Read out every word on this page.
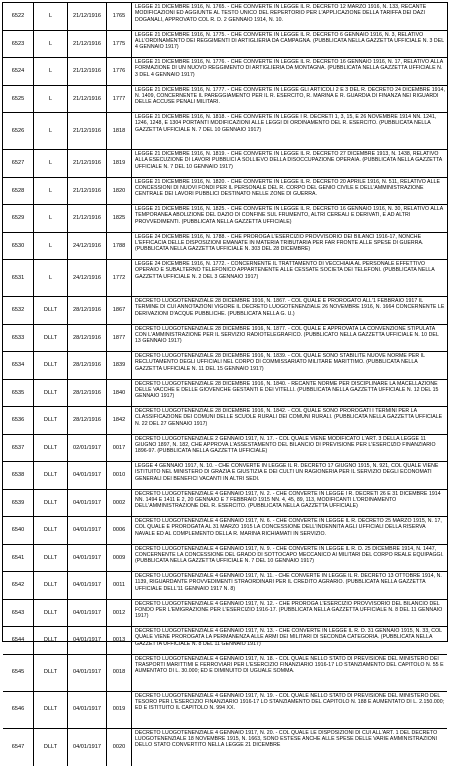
6522	L	21/12/1916	1765
LEGGE 21 DICEMBRE 1916, N. 1765. - CHE CONVERTE IN LEGGE IL R. DECRETO 12 MARZO 1916, N. 133, RECANTE MODIFICAZIONI ED AGGIUNTE AL TESTO UNICO DEL REPERTORIO PER L'APPLICAZIONE DELLA TARIFFA DEI DAZI DOGANALI, APPROVATO COL R. D. 2 GENNAIO 1914, N. 10.
6523	L	21/12/1916	1775
LEGGE 21 DICEMBRE 1916, N. 1775. - CHE CONVERTE IN LEGGE IL R. DECRETO 6 GENNAIO 1916, N. 3, RELATIVO ALL'ORDINAMENTO DEI REGGIMENTI DI ARTIGLIERIA DA CAMPAGNA. (PUBBLICATA NELLA GAZZETTA UFFICIALE N. 3 DEL 4 GENNAIO 1917)
6524	L	21/12/1916	1776
LEGGE 21 DICEMBRE 1916, N. 1776. - CHE CONVERTE IN LEGGE IL R. DECRETO 16 GENNAIO 1916, N. 17, RELATIVO ALLA FORMAZIONE DI UN NUOVO REGGIMENTO DI ARTIGLIERIA DA MONTAGNA. (PUBBLICATA NELLA GAZZETTA UFFICIALE N. 3 DEL 4 GENNAIO 1917)
6525	L	21/12/1916	1777
LEGGE 21 DICEMBRE 1916, N. 1777. - CHE CONVERTE IN LEGGE GLI ARTICOLI 2 E 3 DEL R. DECRETO 24 DICEMBRE 1914, N. 1409, CONCERNENTE IL PAREGGIAMENTO PER IL R. ESERCITO, R. MARINA E R. GUARDIA DI FINANZA NEI RIGUARDI DELLE ACCUSE PENALI MILITARI.
6526	L	21/12/1916	1818
LEGGE 21 DICEMBRE 1916, N. 1818. - CHE CONVERTE IN LEGGE I R. DECRETI 1, 3, 15, E 26 NOVEMBRE 1914 NN. 1241, 1246, 1248, E 1304 PORTANTI MODIFICAZIONI ALLE LEGGI DI ORDINAMENTO DEL R. ESERCITO. (PUBBLICATA NELLA GAZZETTA UFFICIALE N. 7 DEL 10 GENNAIO 1917)
6527	L	21/12/1916	1819
LEGGE 21 DICEMBRE 1916, N. 1819. - CHE CONVERTE IN LEGGE IL R. DECRETO 27 DICEMBRE 1913, N. 1438, RELATIVO ALLA ESECUZIONE DI LAVORI PUBBLICI A SOLLIEVO DELLA DISOCCUPAZIONE OPERAIA. (PUBBLICATA NELLA GAZZETTA UFFICIALE N. 7 DEL 10 GENNAIO 1917)
6528	L	21/12/1916	1820
LEGGE 21 DICEMBRE 1916, N. 1820. - CHE CONVERTE IN LEGGE IL R. DECRETO 20 APRILE 1916, N. 511, RELATIVO ALLE CONCESSIONI DI NUOVI FONDI PER IL PERSONALE DEL R. CORPO DEL GENIO CIVILE E DELL'AMMINISTRAZIONE CENTRALE DEI LAVORI PUBBLICI DESTINATO NELLE ZONE DI GUERRA.
6529	L	21/12/1916	1825
LEGGE 21 DICEMBRE 1916, N. 1825. - CHE CONVERTE IN LEGGE IL R. DECRETO 16 GENNAIO 1916, N. 30, RELATIVO ALLA TEMPORANEA ABOLIZIONE DEL DAZIO DI CONFINE SUL FRUMENTO, ALTRI CEREALI E DERIVATI, E AD ALTRI PROVVEDIMENTI. (PUBBLICATA NELLA GAZZETTA UFFICIALE)
6530	L	24/12/1916	1788
LEGGE 24 DICEMBRE 1916, N. 1788. - CHE PROROGA L'ESERCIZIO PROVVISORIO DEI BILANCI 1916-17, NONCHE L'EFFICACIA DELLE DISPOSIZIONI EMANATE IN MATERIA TRIBUTARIA PER FAR FRONTE ALLE SPESE DI GUERRA. (PUBBLICATA NELLA GAZZETTA UFFICIALE N. 303 DEL 28 DICEMBRE)
6531	L	24/12/1916	1772
LEGGE 24 DICEMBRE 1916, N. 1772. - CONCERNENTE IL TRATTAMENTO DI VECCHIAIA AL PERSONALE EFFETTIVO OPERAIO E SUBALTERNO TELEFONICO APPARTENENTE ALLE CESSATE SOCIETA DEI TELEFONI. (PUBBLICATA NELLA GAZZETTA UFFICIALE N. 2 DEL 3 GENNAIO 1917)
6532	DLLT	28/12/1916	1867
DECRETO LUOGOTENENZIALE 28 DICEMBRE 1916, N. 1867. - COL QUALE E PROROGATO ALL'1 FEBBRAIO 1917 IL TERMINE DI CUI ANNOTAZIONI VIGORE IL DECRETO LUOGOTENENZIALE 26 NOVEMBRE 1916, N. 1664 CONCERNENTE LE DERIVAZIONI D'ACQUE PUBBLICHE. (PUBBLICATA NELLA G. U.)
6533	DLLT	28/12/1916	1877
DECRETO LUOGOTENENZIALE 28 DICEMBRE 1916, N. 1877. - COL QUALE E APPROVATA LA CONVENZIONE STIPULATA CON L'AMMINISTRAZIONE PER IL SERVIZIO RADIOTELEGRAFICO. (PUBBLICATO NELLA GAZZETTA UFFICIALE N. 10 DEL 13 GENNAIO 1917)
6534	DLLT	28/12/1916	1839
DECRETO LUOGOTENENZIALE 28 DICEMBRE 1916, N. 1839. - COL QUALE SONO STABILITE NUOVE NORME PER IL RECLUTAMENTO DEGLI UFFICIALI NEL CORPO DI COMMISSARIATO MILITARE MARITTIMO. (PUBBLICATA NELLA GAZZETTA UFFICIALE N. 11 DEL 15 GENNAIO 1917)
6535	DLLT	28/12/1916	1840
DECRETO LUOGOTENENZIALE 28 DICEMBRE 1916, N. 1840. - RECANTE NORME PER DISCIPLINARE LA MACELLAZIONE DELLE VACCHE E DELLE GIOVENCHE GESTANTI E DEI VITELLI. (PUBBLICATA NELLA GAZZETTA UFFICIALE N. 12 DEL 15 GENNAIO 1917)
6536	DLLT	28/12/1916	1842
DECRETO LUOGOTENENZIALE 28 DICEMBRE 1916, N. 1842. - COL QUALE SONO PROROGATI I TERMINI PER LA CLASSIFICAZIONE DEI COMUNI DELLE SCUOLE RURALI DEI COMUNI RURALI. (PUBBLICATA NELLA GAZZETTA UFFICIALE N. 22 DEL 27 GENNAIO 1917)
6537	DLLT	02/01/1917	0017
DECRETO LUOGOTENENZIALE 2 GENNAIO 1917, N. 17. - COL QUALE VIENE MODIFICATO L'ART. 3 DELLA LEGGE 11 GIUGNO 1897, N. 182, CHE APPROVA L'ASSESTAMENTO DEL BILANCIO DI PREVISIONE PER L'ESERCIZIO FINANZIARIO 1896-97. (PUBBLICATA NELLA GAZZETTA UFFICIALE)
6538	DLLT	04/01/1917	0010
LEGGE 4 GENNAIO 1917, N. 10. - CHE CONVERTE IN LEGGE IL R. DECRETO 17 GIUGNO 1915, N. 921, COL QUALE VIENE ISTITUITO NEL MINISTERO DI GRAZIA E GIUSTIZIA E DEI CULTI UN RAGIONERIA PER IL SERVIZIO DEGLI ECONOMATI GENERALI DEI BENEFICI VACANTI IN ALTRI SEDI.
6539	DLLT	04/01/1917	0002
DECRETO LUOGOTENENZIALE 4 GENNAIO 1917, N. 2. - CHE CONVERTE IN LEGGE I R. DECRETI 26 E 31 DICEMBRE 1914 NN. 1494 E 1411 E 2, 20 GENNAIO E 7 FEBBRAIO 1915 NN. 4, 45, 89, 113, MODIFICANTI L'ORDINAMENTO DELL'AMMINISTRAZIONE DEL R. ESERCITO. (PUBBLICATA NELLA GAZZETTA UFFICIALE)
6540	DLLT	04/01/1917	0006
DECRETO LUOGOTENENZIALE 4 GENNAIO 1917, N. 6. - CHE CONVERTE IN LEGGE IL R. DECRETO 25 MARZO 1915, N. 17, COL QUALE E PROROGATA AL 31 MARZO 1915 LA CONCESSIONE DELL'INDENNITA AGLI UFFICIALI DELLA RISERVA NAVALE ED AL COMPLEMENTO DELLA R. MARINA RICHIAMATI IN SERVIZIO.
6541	DLLT	04/01/1917	0009
DECRETO LUOGOTENENZIALE 4 GENNAIO 1917, N. 9. - CHE CONVERTE IN LEGGE IL R. D. 25 DICEMBRE 1914, N. 1447, CONCERNENTE LA CONCESSIONE DEL GRADO DI SOTTOCAPO MECCANICO AI MILITARI DEL CORPO REALE EQUIPAGGI. (PUBBLICATA NELLA GAZZETTA UFFICIALE N. 7 DEL 10 GENNAIO 1917)
6542	DLLT	04/01/1917	0011
DECRETO LUOGOTENENZIALE 4 GENNAIO 1917, N. 11. - CHE CONVERTE IN LEGGE IL R. DECRETO 13 OTTOBRE 1914, N. 1139, RIGUARDANTE PROVVEDIMENTI STRAORDINARI PER IL CREDITO AGRARIO. (PUBBLICATA NELLA GAZZETTA UFFICIALE DELL'11 GENNAIO 1917 N. 8)
6543	DLLT	04/01/1917	0012
DECRETO LUOGOTENENZIALE 4 GENNAIO 1917, N. 12. - CHE PROROGA L'ESERCIZIO PROVVISORIO DEL BILANCIO DEL FONDO PER L'EMIGRAZIONE PER L'ESERCIZIO 1916-17. (PUBBLICATA NELLA GAZZETTA UFFICIALE N. 8 DEL 11 GENNAIO 1917)
6544	DLLT	04/01/1917	0013
DECRETO LUOGOTENENZIALE 4 GENNAIO 1917, N. 13. - CHE CONVERTE IN LEGGE IL R. D. 31 GENNAIO 1915, N. 33, COL QUALE VIENE PROROGATA LA PERMANENZA ALLE ARMI DEI MILITARI DI SECONDA CATEGORIA. (PUBBLICATA NELLA GAZZETTA UFFICIALE N. 8 DEL 11 GENNAIO 1917)
6545	DLLT	04/01/1917	0018
DECRETO LUOGOTENENZIALE 4 GENNAIO 1917, N. 18. - COL QUALE NELLO STATO DI PREVISIONE DEL MINISTERO DEI TRASPORTI MARITTIMI E FERROVIARI PER L'ESERCIZIO FINANZIARIO 1916-17 LO STANZIAMENTO DEL CAPITOLO N. 55 E AUMENTATO DI L. 30.000; ED E DIMINUITO DI UGUALE SOMMA.
6546	DLLT	04/01/1917	0019
DECRETO LUOGOTENENZIALE 4 GENNAIO 1917, N. 19. - COL QUALE NELLO STATO DI PREVISIONE DEL MINISTERO DEL TESORO PER L'ESERCIZIO FINANZIARIO 1916-17 LO STANZIAMENTO DEL CAPITOLO N. 188 E AUMENTATO DI L. 2.150.000; ED E ISTITUITO IL CAPITOLO N. 994 XX.
6547	DLLT	04/01/1917	0020
DECRETO LUOGOTENENZIALE 4 GENNAIO 1917, N. 20. - COL QUALE LE DISPOSIZIONI DI CUI ALL'ART. 1 DEL DECRETO LUOGOTENENZIALE 18 NOVEMBRE 1915, N. 1663, SONO ESTESE ANCHE ALLE SPESE DELLE VARIE AMMINISTRAZIONI DELLO STATO CONVERTITO NELLA LEGGE 21 DICEMBRE
